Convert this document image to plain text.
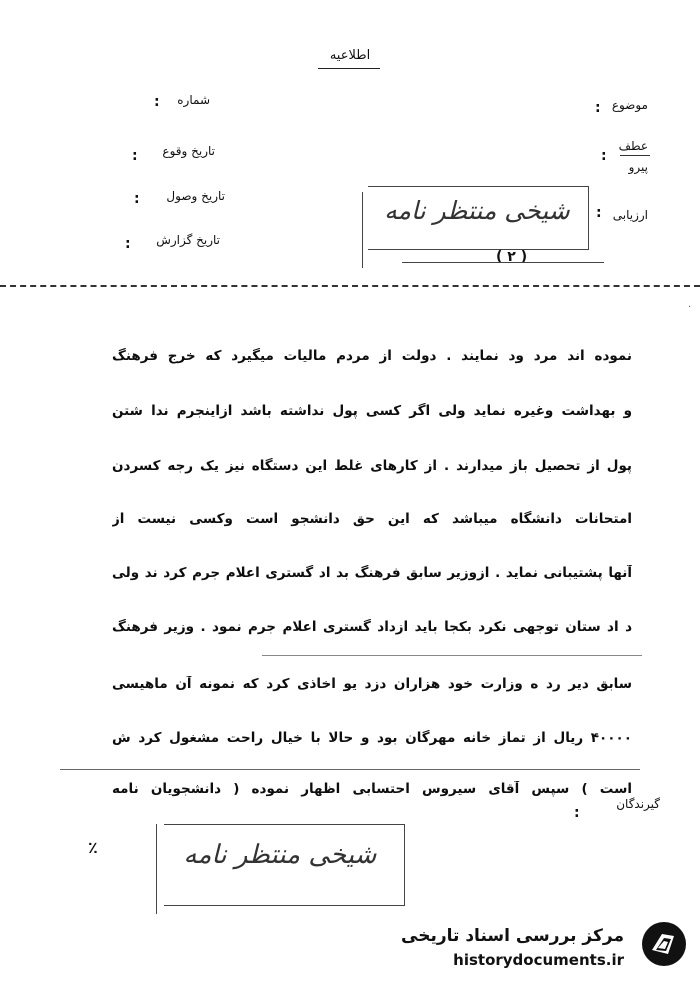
اطلاعیه
موضوع
:
عطف
پیرو
:
ارزیابی
:
شیخی منتظر نامه
( ۲ )
شماره
:
تاریخ وقوع
:
تاریخ وصول
:
تاریخ گزارش
:
·
نموده اند مرد ود نمایند . دولت از مردم مالیات میگیرد که خرج فرهنگ
و بهداشت وغیره نماید ولی اگر کسی پول نداشته باشد ازاینجرم ندا شتن
پول از تحصیل باز میدارند . از کارهای غلط این دستگاه نیز یک رجه کسردن
امتحانات دانشگاه میباشد که این حق دانشجو است وکسی نیست از
آنها پشتیبانی نماید . ازوزیر سابق فرهنگ بد اد گستری اعلام جرم کرد ند ولی
د اد ستان توجهی نکرد بکجا باید ازداد گستری اعلام جرم نمود . وزیر فرهنگ
سابق دیر رد ه وزارت خود هزاران دزد یو اخاذی کرد که نمونه آن ماهیسی
۴۰۰۰۰ ریال از تماز خانه مهرگان بود و حالا با خیال راحت مشغول کرد ش
است ) سپس آقای سیروس احتسابی اظهار نموده ( دانشجویان نامه
گیرندگان
:
٪	شیخی منتظر نامه
مرکز بررسی اسناد تاریخی
historydocuments.ir
